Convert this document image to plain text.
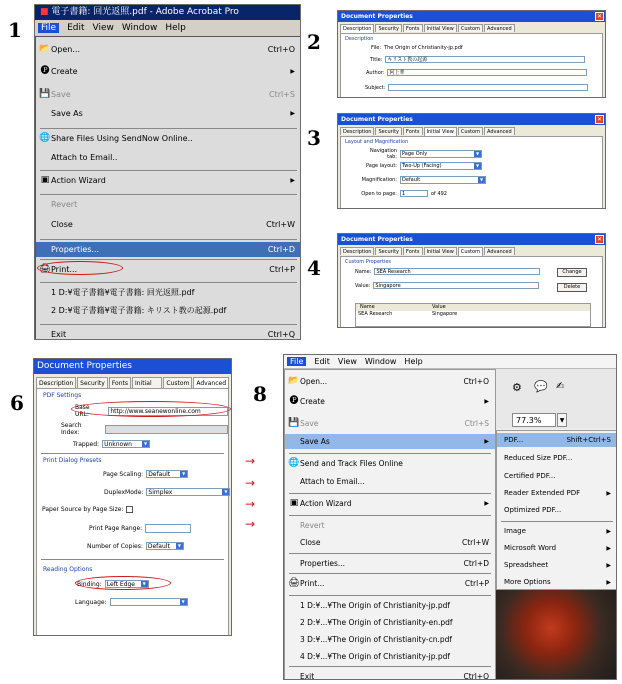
1	2
3
4
6	8
■ 電子書籍: 回光返照.pdf - Adobe Acrobat Pro
File	Edit View Window Help
📂 Open...	Ctrl+O
🅟 Create	▶
💾 Save	Ctrl+S
Save As	▶
🌐 Share Files Using SendNow Online..
Attach to Email..
▣ Action Wizard	▶
Revert
Close	Ctrl+W
Properties...	Ctrl+D
🖨 Print...	Ctrl+P
1 D:¥電子書籍¥電子書籍: 回光返照.pdf
2 D:¥電子書籍¥電子書籍: キリスト教の起源.pdf
Exit	Ctrl+Q
Document Properties	✕
Description	Security	Fonts	Initial View	Custom	Advanced
Description
File: The Origin of Christianity-jp.pdf
Title:	キリスト教の起源
Author:	阿上華
Subject:
Document Properties	✕
Description	Security	Fonts	Initial View	Custom	Advanced
Layout and Magnification
Navigation tab:	Page Only ▼
Page layout:	Two-Up (Facing) ▼
Magnification:	Default ▼
Open to page:	1	of 492
Document Properties	✕
Description	Security	Fonts	Initial View	Custom	Advanced
Custom Properties
Name:	SEA Research
Value:	Singapore
Change
Delete
Name	Value
SEA Research	Singapore
Document Properties
Description	Security	Fonts	Initial	Custom	Advanced
PDF Settings
Base URL:	http://www.seanewonline.com
Search Index:
Trapped: Unknown ▼
Print Dialog Presets
Page Scaling: Default ▼
DuplexMode: Simplex ▼
Paper Source by Page Size:
Print Page Range:
Number of Copies: Default ▼
Reading Options
Binding: Left Edge ▼
Language:
▼
→
→
→
→
File	Edit View Window Help
⚙ 💬 ✍
77.3%	▼
📂 Open...	Ctrl+O
🅟 Create	▶
💾 Save	Ctrl+S
Save As	▶
🌐 Send and Track Files Online
Attach to Email...
▣ Action Wizard	▶
Revert
Close	Ctrl+W
Properties...	Ctrl+D
🖨 Print...	Ctrl+P
1 D:¥...¥The Origin of Christianity-jp.pdf
2 D:¥...¥The Origin of Christianity-en.pdf
3 D:¥...¥The Origin of Christianity-cn.pdf
4 D:¥...¥The Origin of Christianity-jp.pdf
Exit	Ctrl+Q
PDF...	Shift+Ctrl+S
Reduced Size PDF...
Certified PDF...
Reader Extended PDF	▶
Optimized PDF...
Image	▶
Microsoft Word	▶
Spreadsheet	▶
More Options	▶
